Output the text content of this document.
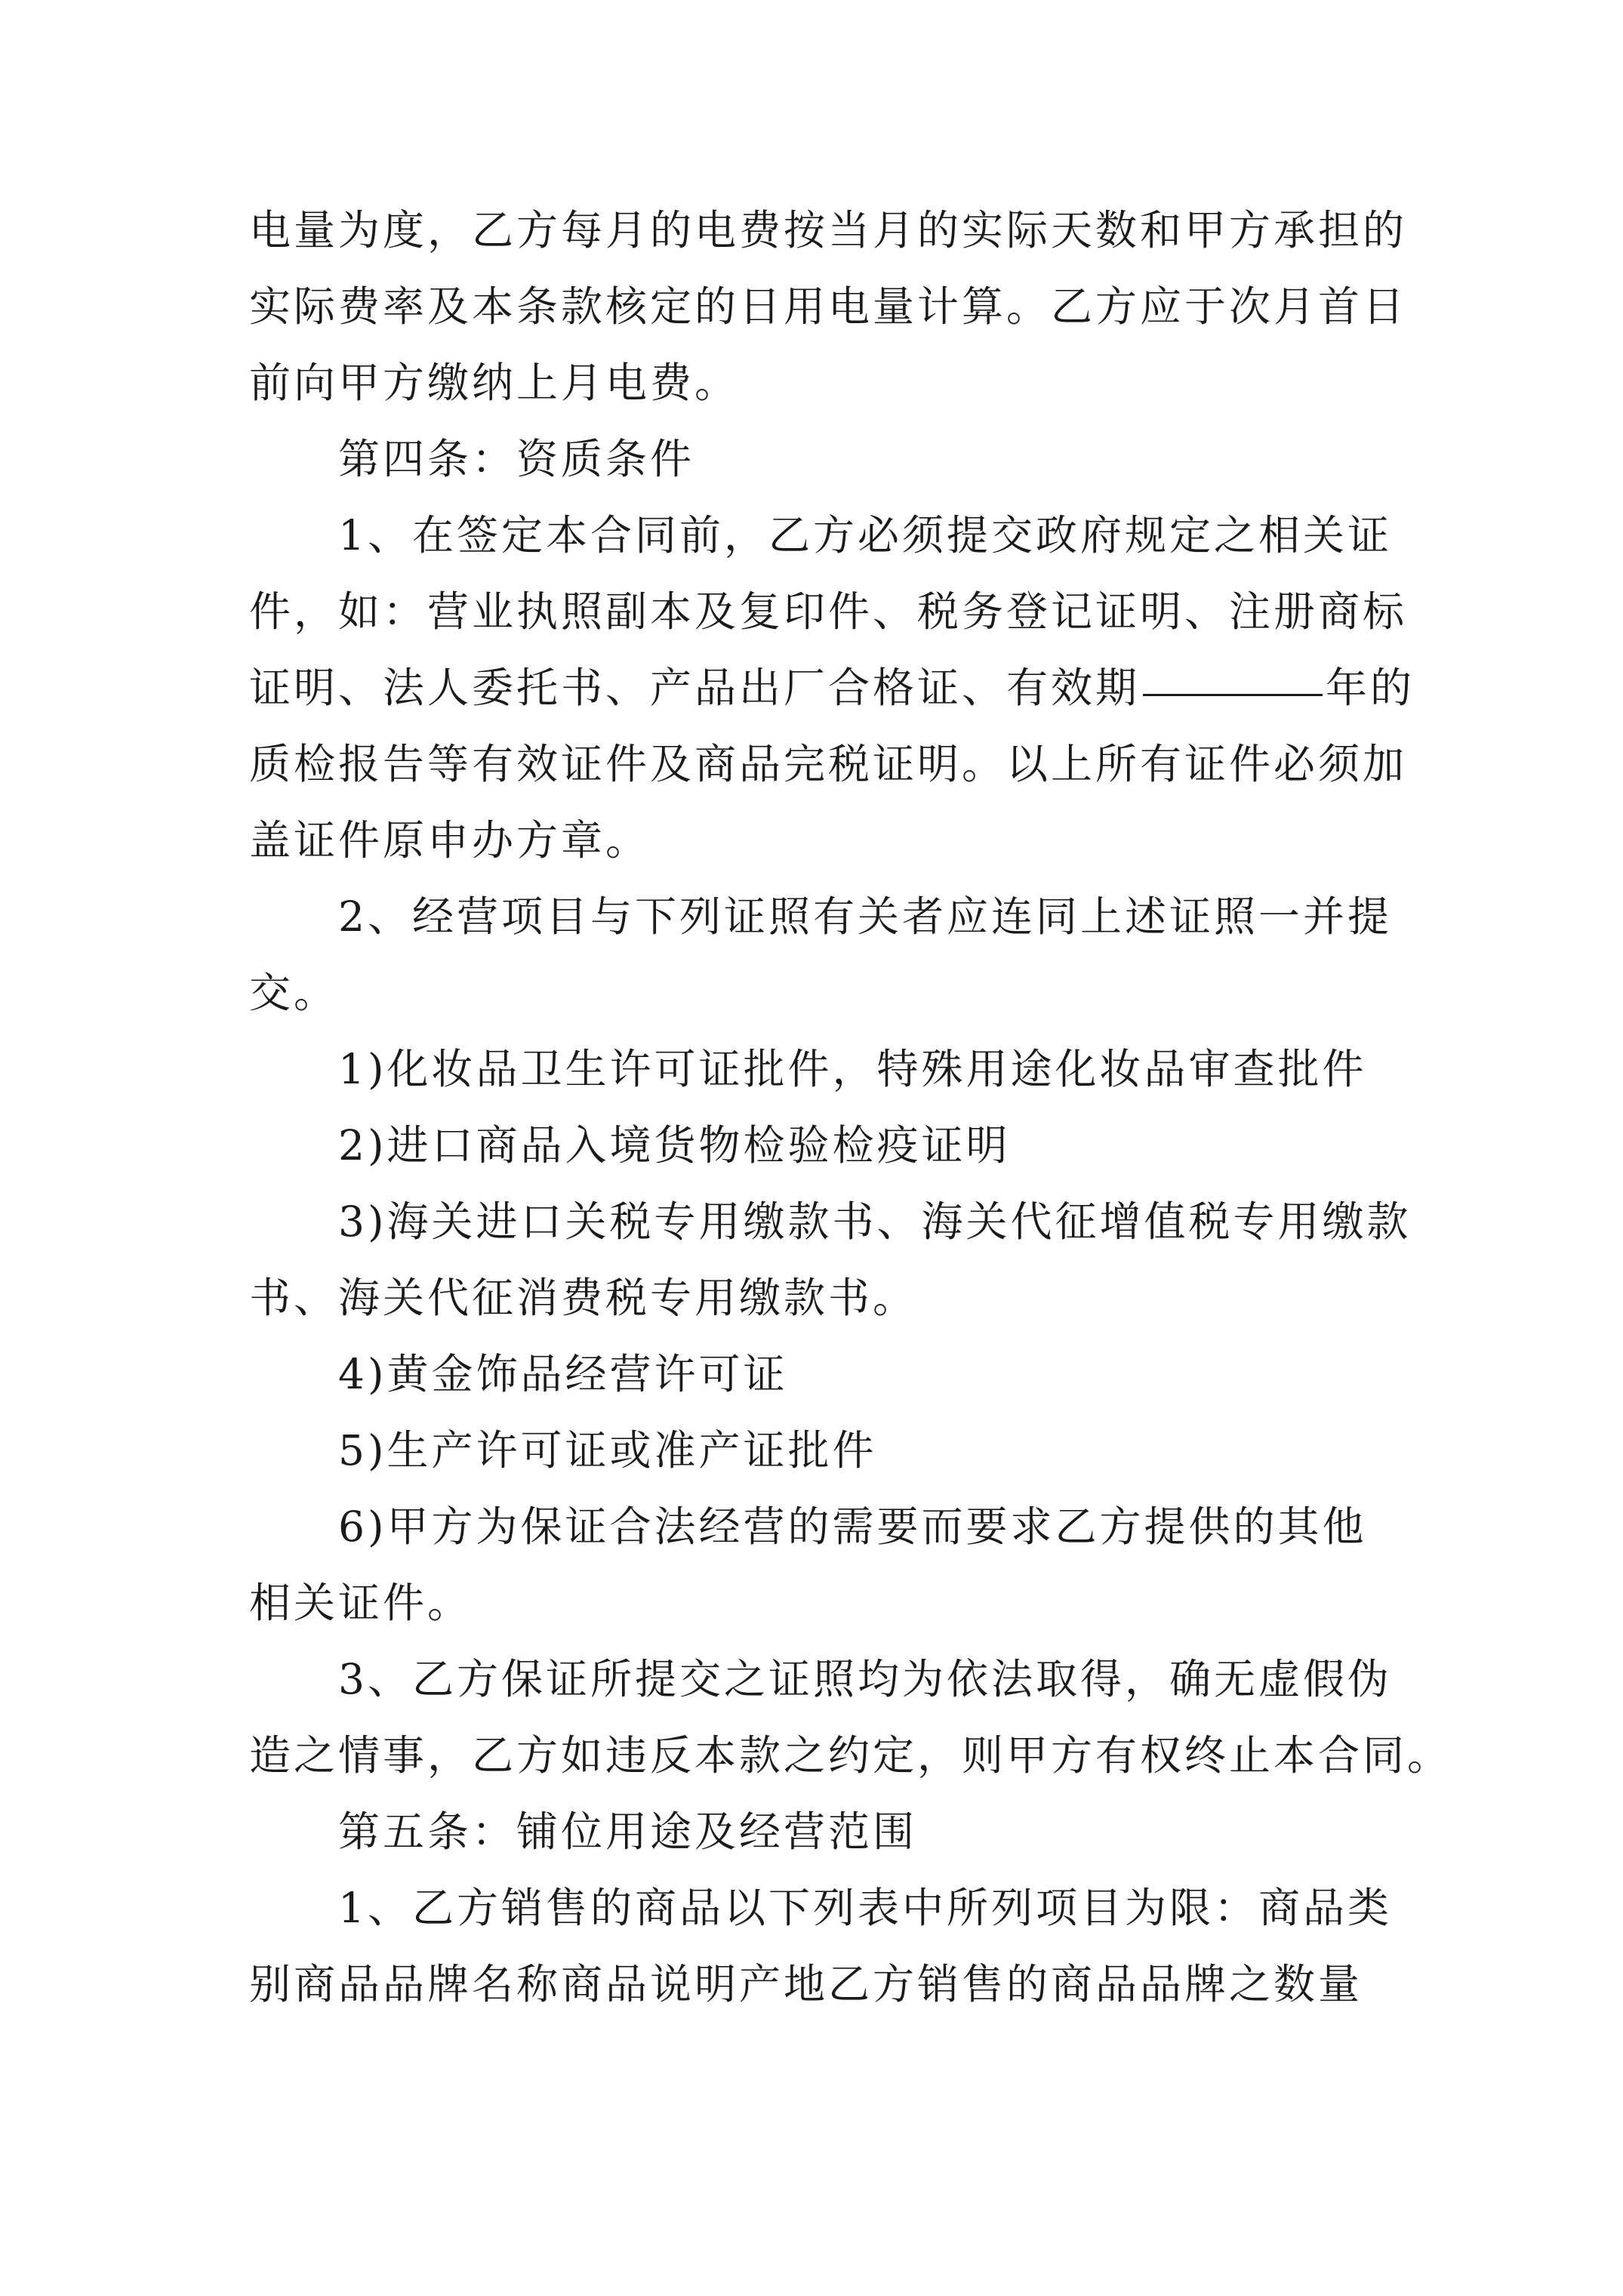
电量为度，乙方每月的电费按当月的实际天数和甲方承担的
实际费率及本条款核定的日用电量计算。乙方应于次月首日
前向甲方缴纳上月电费。
第四条：资质条件
1、在签定本合同前，乙方必须提交政府规定之相关证
件，如：营业执照副本及复印件、税务登记证明、注册商标
证明、法人委托书、产品出厂合格证、有效期	年的
质检报告等有效证件及商品完税证明。以上所有证件必须加
盖证件原申办方章。
2、经营项目与下列证照有关者应连同上述证照一并提
交。
1)化妆品卫生许可证批件，特殊用途化妆品审查批件
2)进口商品入境货物检验检疫证明
3)海关进口关税专用缴款书、海关代征增值税专用缴款
书、海关代征消费税专用缴款书。
4)黄金饰品经营许可证
5)生产许可证或准产证批件
6)甲方为保证合法经营的需要而要求乙方提供的其他
相关证件。
3、乙方保证所提交之证照均为依法取得，确无虚假伪
造之情事，乙方如违反本款之约定，则甲方有权终止本合同。
第五条：铺位用途及经营范围
1、乙方销售的商品以下列表中所列项目为限：商品类
别商品品牌名称商品说明产地乙方销售的商品品牌之数量
